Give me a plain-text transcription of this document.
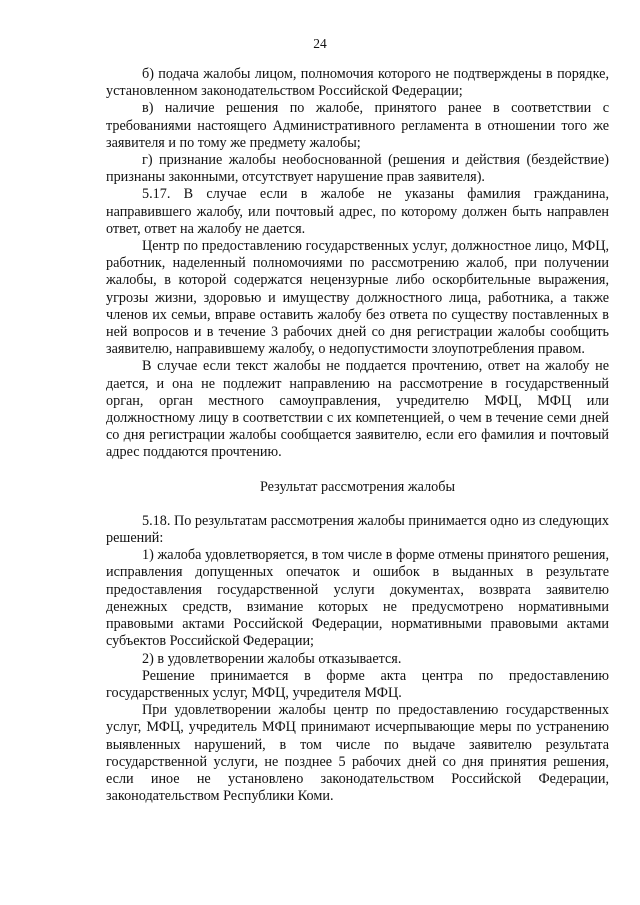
24

б) подача жалобы лицом, полномочия которого не подтверждены в порядке, установленном законодательством Российской Федерации;

в) наличие решения по жалобе, принятого ранее в соответствии с требованиями настоящего Административного регламента в отношении того же заявителя и по тому же предмету жалобы;

г) признание жалобы необоснованной (решения и действия (бездействие) признаны законными, отсутствует нарушение прав заявителя).

5.17. В случае если в жалобе не указаны фамилия гражданина, направившего жалобу, или почтовый адрес, по которому должен быть направлен ответ, ответ на жалобу не дается.

Центр по предоставлению государственных услуг, должностное лицо, МФЦ, работник, наделенный полномочиями по рассмотрению жалоб, при получении жалобы, в которой содержатся нецензурные либо оскорбительные выражения, угрозы жизни, здоровью и имуществу должностного лица, работника, а также членов их семьи, вправе оставить жалобу без ответа по существу поставленных в ней вопросов и в течение 3 рабочих дней со дня регистрации жалобы сообщить заявителю, направившему жалобу, о недопустимости злоупотребления правом.

В случае если текст жалобы не поддается прочтению, ответ на жалобу не дается, и она не подлежит направлению на рассмотрение в государственный орган, орган местного самоуправления, учредителю МФЦ, МФЦ или должностному лицу в соответствии с их компетенцией, о чем в течение семи дней со дня регистрации жалобы сообщается заявителю, если его фамилия и почтовый адрес поддаются прочтению.

Результат рассмотрения жалобы

5.18. По результатам рассмотрения жалобы принимается одно из следующих решений:

1) жалоба удовлетворяется, в том числе в форме отмены принятого решения, исправления допущенных опечаток и ошибок в выданных в результате предоставления государственной услуги документах, возврата заявителю денежных средств, взимание которых не предусмотрено нормативными правовыми актами Российской Федерации, нормативными правовыми актами субъектов Российской Федерации;

2) в удовлетворении жалобы отказывается.

Решение принимается в форме акта центра по предоставлению государственных услуг, МФЦ, учредителя МФЦ.

При удовлетворении жалобы центр по предоставлению государственных услуг, МФЦ, учредитель МФЦ принимают исчерпывающие меры по устранению выявленных нарушений, в том числе по выдаче заявителю результата государственной услуги, не позднее 5 рабочих дней со дня принятия решения, если иное не установлено законодательством Российской Федерации, законодательством Республики Коми.
